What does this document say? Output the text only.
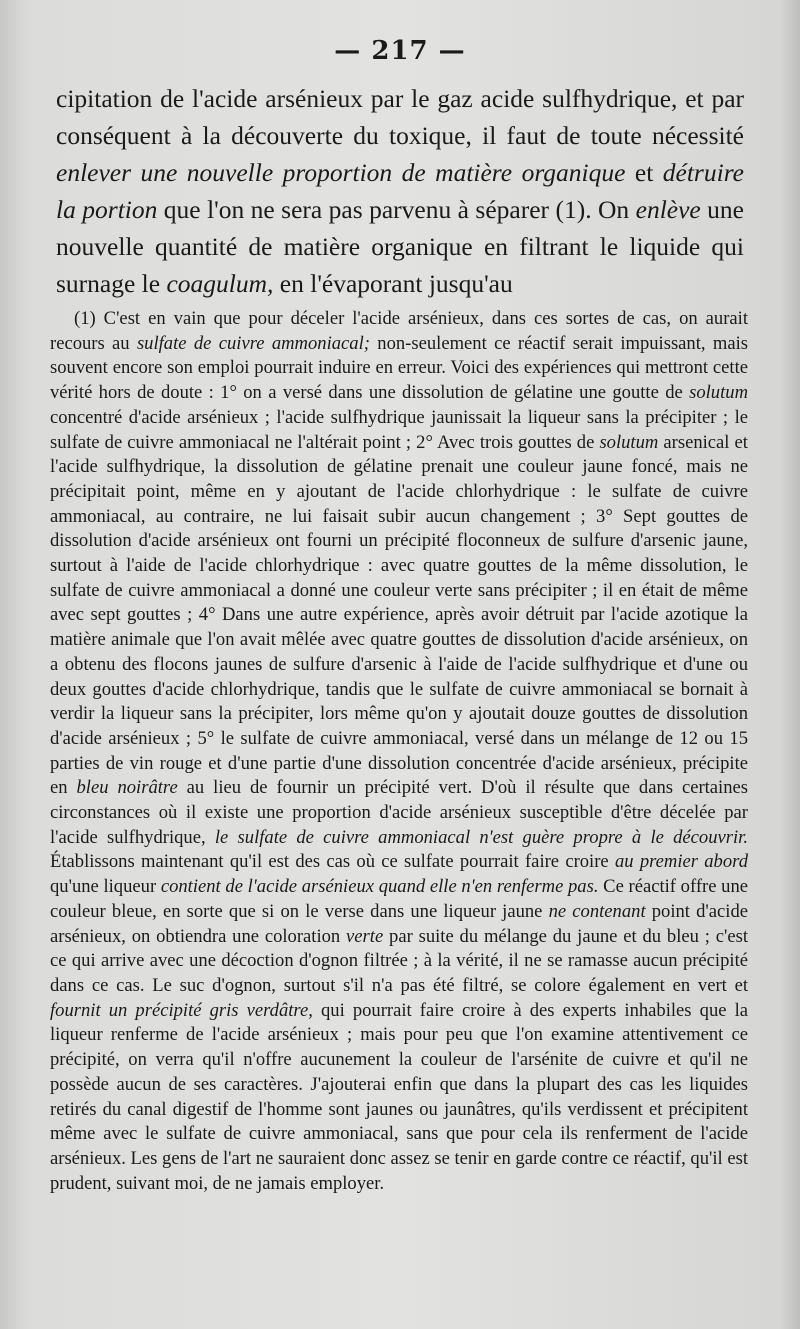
— 217 —

cipitation de l'acide arsénieux par le gaz acide sulfhydrique, et par conséquent à la découverte du toxique, il faut de toute nécessité enlever une nouvelle proportion de matière organique et détruire la portion que l'on ne sera pas parvenu à séparer (1). On enlève une nouvelle quantité de matière organique en filtrant le liquide qui surnage le coagulum, en l'évaporant jusqu'au

(1) C'est en vain que pour déceler l'acide arsénieux, dans ces sortes de cas, on aurait recours au sulfate de cuivre ammoniacal; non-seulement ce réactif serait impuissant, mais souvent encore son emploi pourrait induire en erreur. Voici des expériences qui mettront cette vérité hors de doute : 1° on a versé dans une dissolution de gélatine une goutte de solutum concentré d'acide arsénieux ; l'acide sulfhydrique jaunissait la liqueur sans la précipiter ; le sulfate de cuivre ammoniacal ne l'altérait point ; 2° Avec trois gouttes de solutum arsenical et l'acide sulfhydrique, la dissolution de gélatine prenait une couleur jaune foncé, mais ne précipitait point, même en y ajoutant de l'acide chlorhydrique : le sulfate de cuivre ammoniacal, au contraire, ne lui faisait subir aucun changement ; 3° Sept gouttes de dissolution d'acide arsénieux ont fourni un précipité floconneux de sulfure d'arsenic jaune, surtout à l'aide de l'acide chlorhydrique : avec quatre gouttes de la même dissolution, le sulfate de cuivre ammoniacal a donné une couleur verte sans précipiter ; il en était de même avec sept gouttes ; 4° Dans une autre expérience, après avoir détruit par l'acide azotique la matière animale que l'on avait mêlée avec quatre gouttes de dissolution d'acide arsénieux, on a obtenu des flocons jaunes de sulfure d'arsenic à l'aide de l'acide sulfhydrique et d'une ou deux gouttes d'acide chlorhydrique, tandis que le sulfate de cuivre ammoniacal se bornait à verdir la liqueur sans la précipiter, lors même qu'on y ajoutait douze gouttes de dissolution d'acide arsénieux ; 5° le sulfate de cuivre ammoniacal, versé dans un mélange de 12 ou 15 parties de vin rouge et d'une partie d'une dissolution concentrée d'acide arsénieux, précipite en bleu noirâtre au lieu de fournir un précipité vert. D'où il résulte que dans certaines circonstances où il existe une proportion d'acide arsénieux susceptible d'être décelée par l'acide sulfhydrique, le sulfate de cuivre ammoniacal n'est guère propre à le découvrir. Établissons maintenant qu'il est des cas où ce sulfate pourrait faire croire au premier abord qu'une liqueur contient de l'acide arsénieux quand elle n'en renferme pas. Ce réactif offre une couleur bleue, en sorte que si on le verse dans une liqueur jaune ne contenant point d'acide arsénieux, on obtiendra une coloration verte par suite du mélange du jaune et du bleu ; c'est ce qui arrive avec une décoction d'ognon filtrée ; à la vérité, il ne se ramasse aucun précipité dans ce cas. Le suc d'ognon, surtout s'il n'a pas été filtré, se colore également en vert et fournit un précipité gris verdâtre, qui pourrait faire croire à des experts inhabiles que la liqueur renferme de l'acide arsénieux ; mais pour peu que l'on examine attentivement ce précipité, on verra qu'il n'offre aucunement la couleur de l'arsénite de cuivre et qu'il ne possède aucun de ses caractères. J'ajouterai enfin que dans la plupart des cas les liquides retirés du canal digestif de l'homme sont jaunes ou jaunâtres, qu'ils verdissent et précipitent même avec le sulfate de cuivre ammoniacal, sans que pour cela ils renferment de l'acide arsénieux. Les gens de l'art ne sauraient donc assez se tenir en garde contre ce réactif, qu'il est prudent, suivant moi, de ne jamais employer.
